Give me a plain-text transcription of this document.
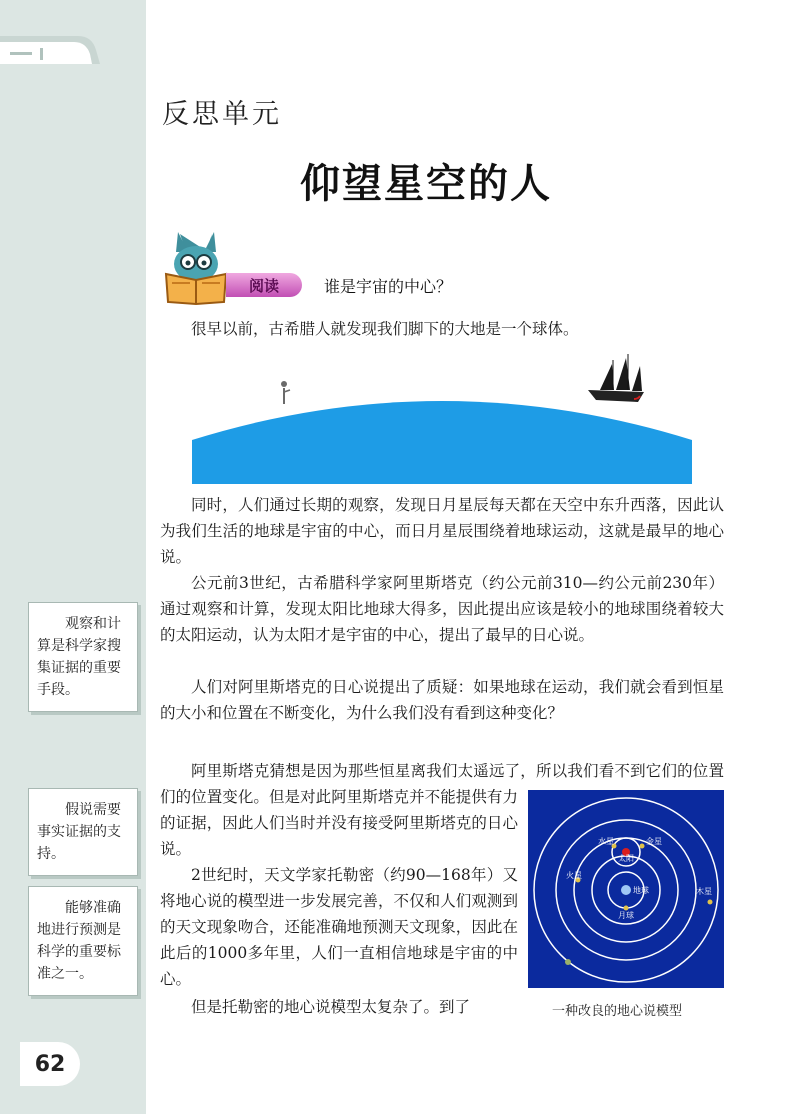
62
观察和计算是科学家搜集证据的重要手段。
假说需要事实证据的支持。
能够准确地进行预测是科学的重要标准之一。
反思单元
仰望星空的人
阅读	谁是宇宙的中心？
很早以前，古希腊人就发现我们脚下的大地是一个球体。
同时，人们通过长期的观察，发现日月星辰每天都在天空中东升西落，因此认为我们生活的地球是宇宙的中心，而日月星辰围绕着地球运动，这就是最早的地心说。
公元前3世纪，古希腊科学家阿里斯塔克（约公元前310—约公元前230年）通过观察和计算，发现太阳比地球大得多，因此提出应该是较小的地球围绕着较大的太阳运动，认为太阳才是宇宙的中心，提出了最早的日心说。
人们对阿里斯塔克的日心说提出了质疑：如果地球在运动，我们就会看到恒星的大小和位置在不断变化，为什么我们没有看到这种变化？
阿里斯塔克猜想是因为那些恒星离我们太遥远了，所以我们看不到它们的位置
们的位置变化。但是对此阿里斯塔克并不能提供有力的证据，因此人们当时并没有接受阿里斯塔克的日心说。
2世纪时，天文学家托勒密（约90—168年）又将地心说的模型进一步发展完善，不仅和人们观测到的天文现象吻合，还能准确地预测天文现象，因此在此后的1000多年里，人们一直相信地球是宇宙的中心。
但是托勒密的地心说模型太复杂了。到了
水星	金星
太阳
火星
地球
月球
木星
一种改良的地心说模型
